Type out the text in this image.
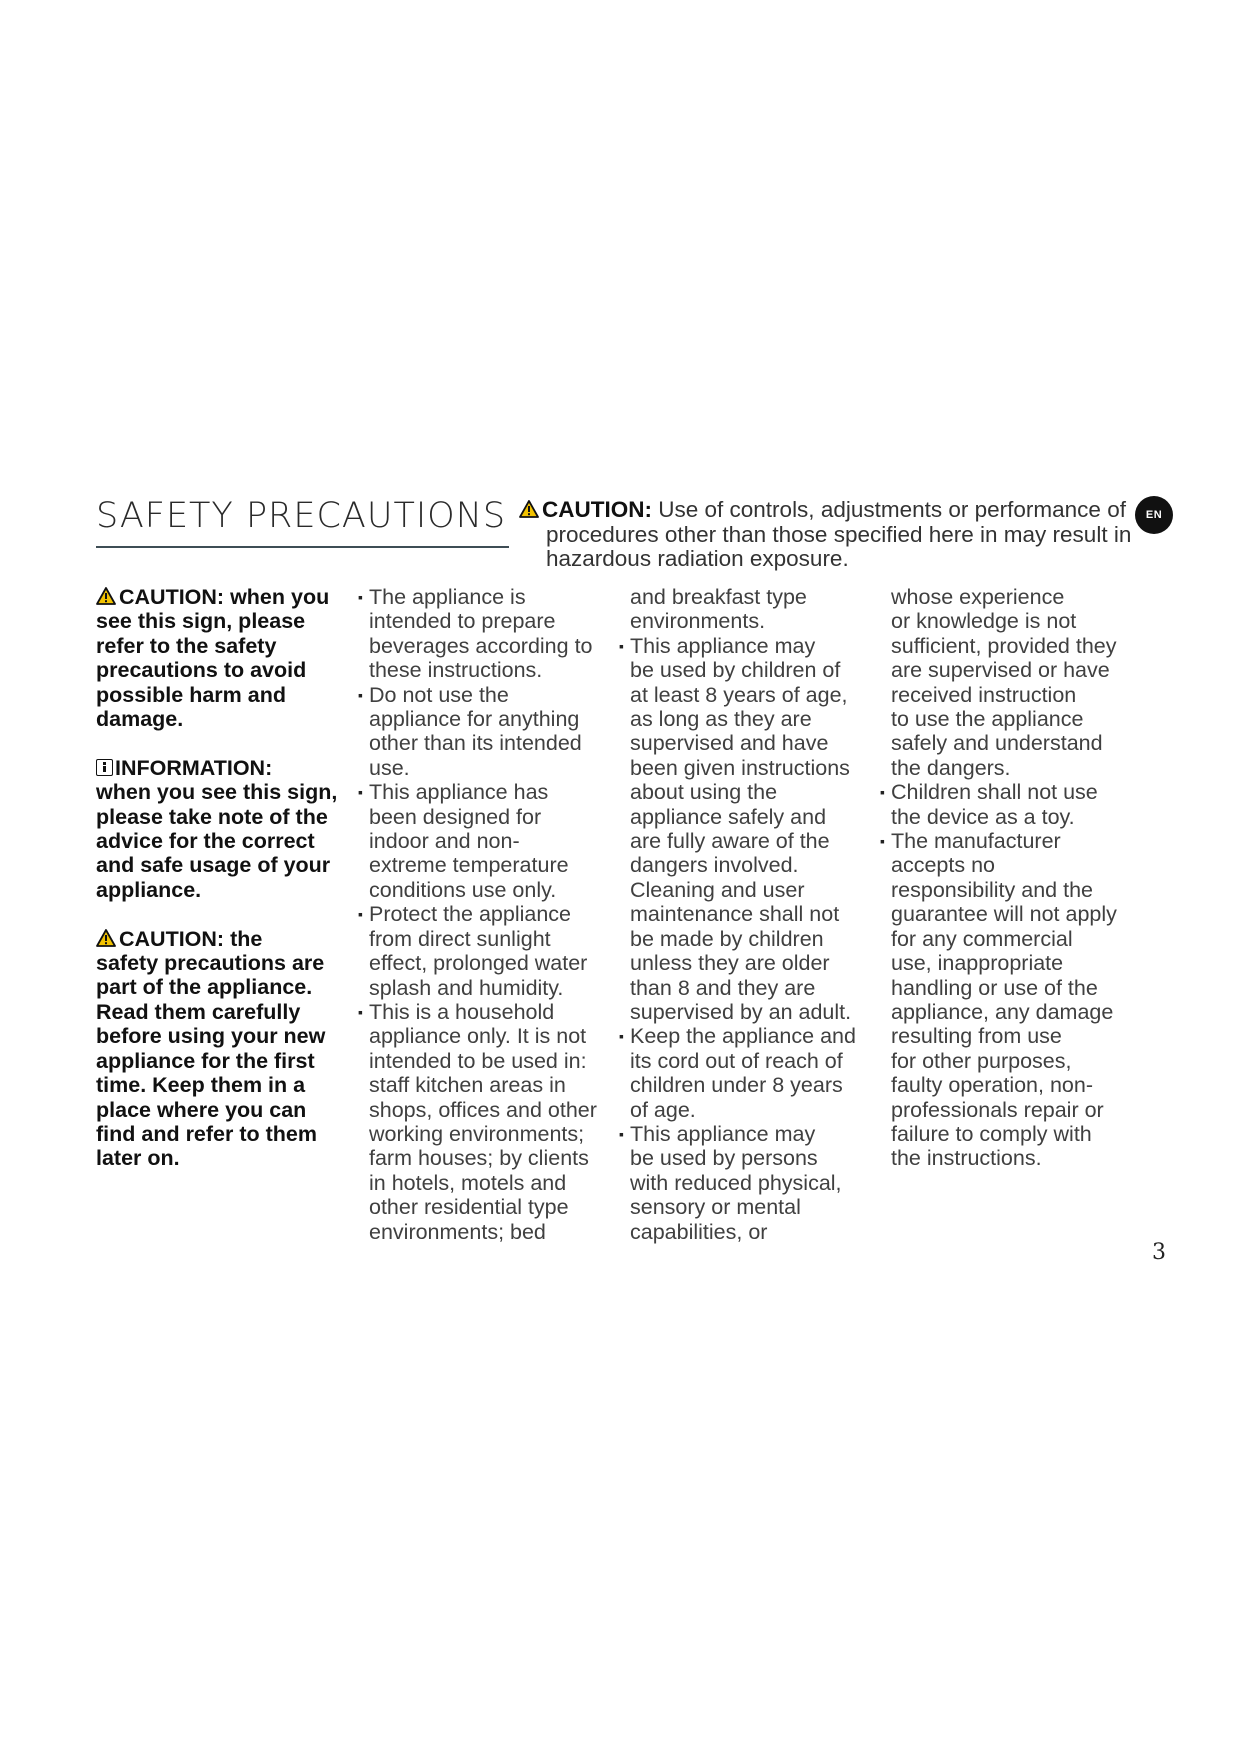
SAFETY PRECAUTIONS	CAUTION: Use of controls, adjustments or performance of
procedures other than those specified here in may result in
hazardous radiation exposure.
EN
CAUTION: when you
see this sign, please
refer to the safety
precautions to avoid
possible harm and
damage.
INFORMATION:
when you see this sign,
please take note of the
advice for the correct
and safe usage of your
appliance.
CAUTION: the
safety precautions are
part of the appliance.
Read them carefully
before using your new
appliance for the first
time. Keep them in a
place where you can
find and refer to them
later on.
▪ The appliance is
intended to prepare
beverages according to
these instructions.
▪ Do not use the
appliance for anything
other than its intended
use.
▪ This appliance has
been designed for
indoor and non-
extreme temperature
conditions use only.
▪ Protect the appliance
from direct sunlight
effect, prolonged water
splash and humidity.
▪ This is a household
appliance only. It is not
intended to be used in:
staff kitchen areas in
shops, offices and other
working environments;
farm houses; by clients
in hotels, motels and
other residential type
environments; bed
and breakfast type
environments.
▪ This appliance may
be used by children of
at least 8 years of age,
as long as they are
supervised and have
been given instructions
about using the
appliance safely and
are fully aware of the
dangers involved.
Cleaning and user
maintenance shall not
be made by children
unless they are older
than 8 and they are
supervised by an adult.
▪ Keep the appliance and
its cord out of reach of
children under 8 years
of age.
▪ This appliance may
be used by persons
with reduced physical,
sensory or mental
capabilities, or
whose experience
or knowledge is not
sufficient, provided they
are supervised or have
received instruction
to use the appliance
safely and understand
the dangers.
▪ Children shall not use
the device as a toy.
▪ The manufacturer
accepts no
responsibility and the
guarantee will not apply
for any commercial
use, inappropriate
handling or use of the
appliance, any damage
resulting from use
for other purposes,
faulty operation, non-
professionals repair or
failure to comply with
the instructions.
3
